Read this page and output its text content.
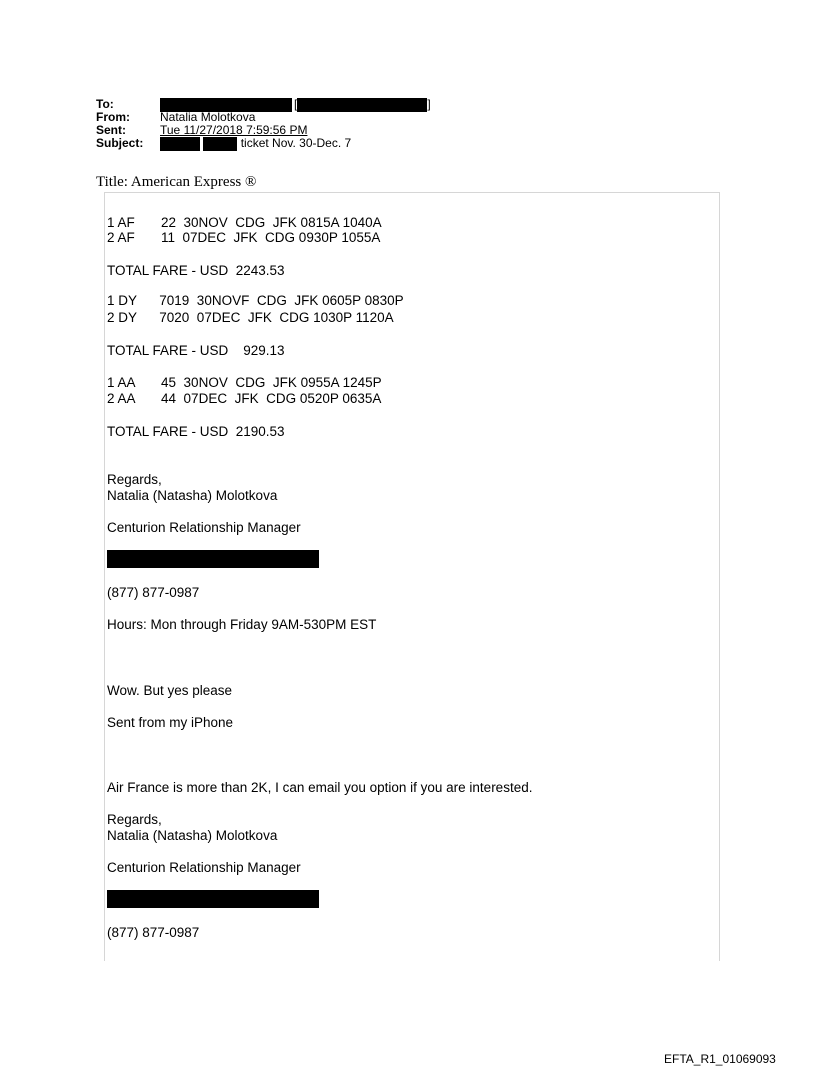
To:	[	]
From:	Natalia Molotkova
Sent:	Tue 11/27/2018 7:59:56 PM
Subject:	ticket Nov. 30-Dec. 7
Title: American Express ®
1 AF       22  30NOV  CDG  JFK 0815A 1040A
2 AF       11  07DEC  JFK  CDG 0930P 1055A
TOTAL FARE - USD  2243.53
1 DY      7019  30NOVF  CDG  JFK 0605P 0830P
2 DY      7020  07DEC  JFK  CDG 1030P 1120A
TOTAL FARE - USD    929.13
1 AA       45  30NOV  CDG  JFK 0955A 1245P
2 AA       44  07DEC  JFK  CDG 0520P 0635A
TOTAL FARE - USD  2190.53
Regards,
Natalia (Natasha) Molotkova
Centurion Relationship Manager
(877) 877-0987
Hours: Mon through Friday 9AM-530PM EST
Wow. But yes please
Sent from my iPhone
Air France is more than 2K, I can email you option if you are interested.
Regards,
Natalia (Natasha) Molotkova
Centurion Relationship Manager
(877) 877-0987
EFTA_R1_01069093
